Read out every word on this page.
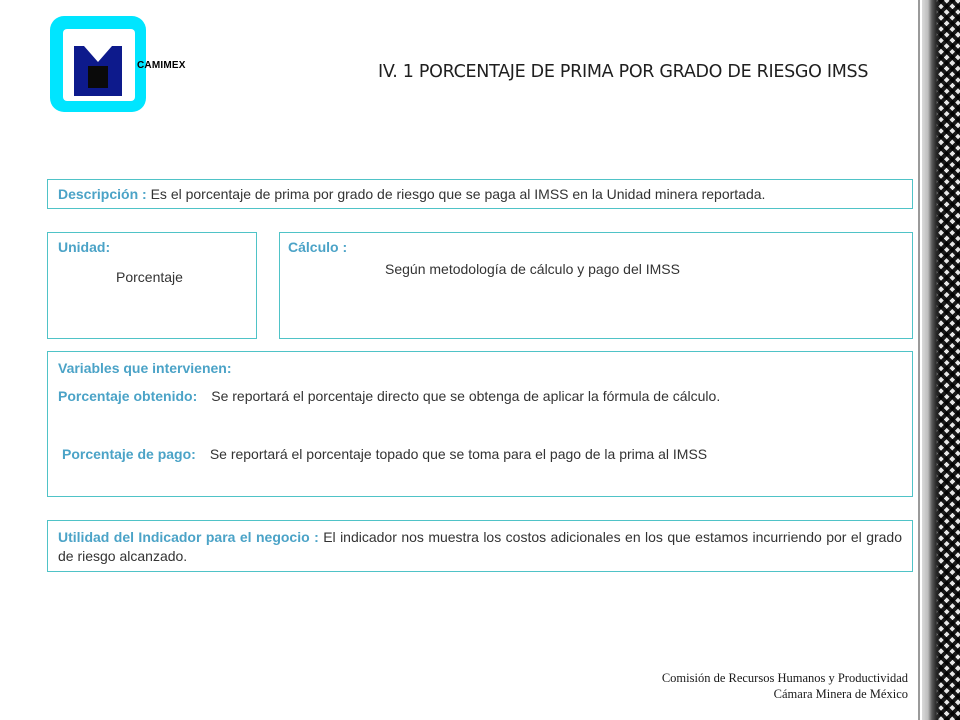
CAMIMEX	IV. 1 PORCENTAJE DE PRIMA POR GRADO DE RIESGO IMSS
Descripción : Es el porcentaje de prima por grado de riesgo que se paga al IMSS en la Unidad minera reportada.
Unidad:
Porcentaje
Cálculo :
Según metodología de cálculo y pago del IMSS
Variables que intervienen:
Porcentaje obtenido: Se reportará el porcentaje directo que se obtenga de aplicar la fórmula de cálculo.
Porcentaje de pago: Se reportará el porcentaje topado que se toma para el pago de la prima al IMSS
Utilidad del Indicador para el negocio : El indicador nos muestra los costos adicionales en los que estamos incurriendo por el grado de riesgo alcanzado.
Comisión de Recursos Humanos y Productividad
Cámara Minera de México
